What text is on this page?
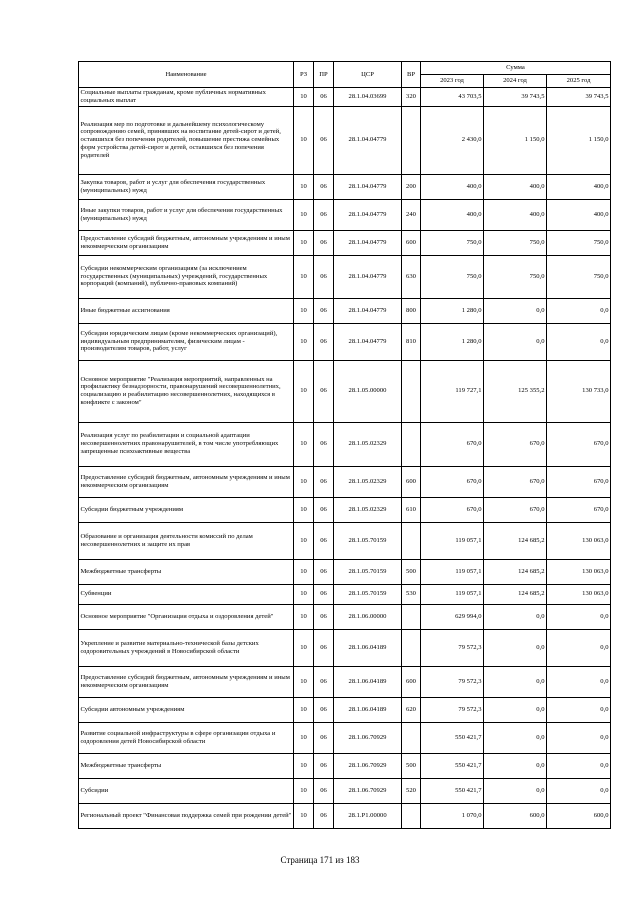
Наименование	РЗ	ПР	ЦСР	ВР	Сумма		
					2023 год	2024 год	2025 год
Социальные выплаты гражданам, кроме публичных нормативных социальных выплат	10	06	28.1.04.03699	320	43 703,5	39 743,5	39 743,5
Реализация мер по подготовке и дальнейшему психологическому сопровождению семей, принявших на воспитание детей-сирот и детей, оставшихся без попечения родителей, повышение престижа семейных форм устройства детей-сирот и детей, оставшихся без попечения родителей	10	06	28.1.04.04779		2 430,0	1 150,0	1 150,0
Закупка товаров, работ и услуг для обеспечения государственных (муниципальных) нужд	10	06	28.1.04.04779	200	400,0	400,0	400,0
Иные закупки товаров, работ и услуг для обеспечения государственных (муниципальных) нужд	10	06	28.1.04.04779	240	400,0	400,0	400,0
Предоставление субсидий бюджетным, автономным учреждениям и иным некоммерческим организациям	10	06	28.1.04.04779	600	750,0	750,0	750,0
Субсидии некоммерческим организациям (за исключением государственных (муниципальных) учреждений, государственных корпораций (компаний), публично-правовых компаний)	10	06	28.1.04.04779	630	750,0	750,0	750,0
Иные бюджетные ассигнования	10	06	28.1.04.04779	800	1 280,0	0,0	0,0
Субсидии юридическим лицам (кроме некоммерческих организаций), индивидуальным предпринимателям, физическим лицам - производителям товаров, работ, услуг	10	06	28.1.04.04779	810	1 280,0	0,0	0,0
Основное мероприятие "Реализация мероприятий, направленных на профилактику безнадзорности, правонарушений несовершеннолетних, социализацию и реабилитацию несовершеннолетних, находящихся в конфликте с законом"	10	06	28.1.05.00000		119 727,1	125 355,2	130 733,0
Реализация услуг по реабилитации и социальной адаптации несовершеннолетних правонарушителей, в том числе употребляющих запрещенные психоактивные вещества	10	06	28.1.05.02329		670,0	670,0	670,0
Предоставление субсидий бюджетным, автономным учреждениям и иным некоммерческим организациям	10	06	28.1.05.02329	600	670,0	670,0	670,0
Субсидии бюджетным учреждениям	10	06	28.1.05.02329	610	670,0	670,0	670,0
Образование и организация деятельности комиссий по делам несовершеннолетних и защите их прав	10	06	28.1.05.70159		119 057,1	124 685,2	130 063,0
Межбюджетные трансферты	10	06	28.1.05.70159	500	119 057,1	124 685,2	130 063,0
Субвенции	10	06	28.1.05.70159	530	119 057,1	124 685,2	130 063,0
Основное мероприятие "Организация отдыха и оздоровления детей"	10	06	28.1.06.00000		629 994,0	0,0	0,0
Укрепление и развитие материально-технической базы детских оздоровительных учреждений в Новосибирской области	10	06	28.1.06.04189		79 572,3	0,0	0,0
Предоставление субсидий бюджетным, автономным учреждениям и иным некоммерческим организациям	10	06	28.1.06.04189	600	79 572,3	0,0	0,0
Субсидии автономным учреждениям	10	06	28.1.06.04189	620	79 572,3	0,0	0,0
Развитие социальной инфраструктуры в сфере организации отдыха и оздоровления детей Новосибирской области	10	06	28.1.06.70929		550 421,7	0,0	0,0
Межбюджетные трансферты	10	06	28.1.06.70929	500	550 421,7	0,0	0,0
Субсидии	10	06	28.1.06.70929	520	550 421,7	0,0	0,0
Региональный проект "Финансовая поддержка семей при рождении детей"	10	06	28.1.P1.00000		1 070,0	600,0	600,0
Страница 171 из 183
